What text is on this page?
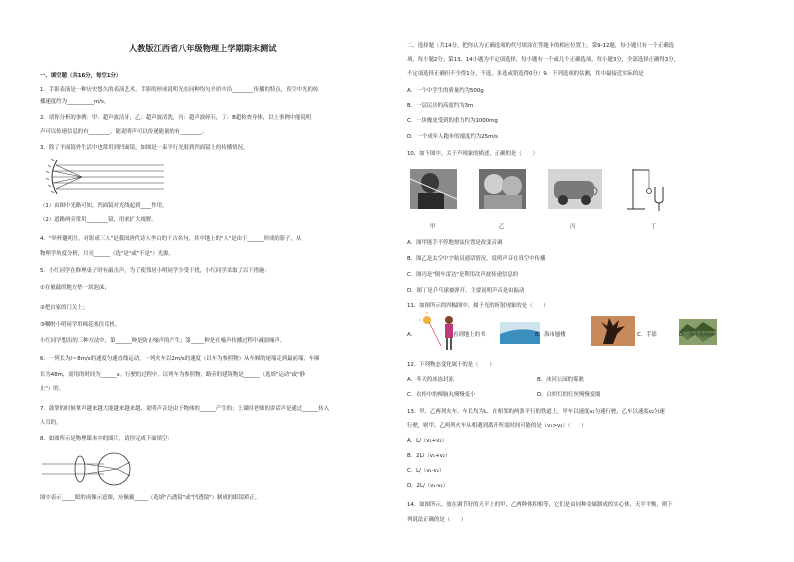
人教版江西省八年级物理上学期期末测试
一、填空题（共16分，每空1分）
1．手影表演是一种历史悠久的表演艺术，手影的形成说明光在同种均匀介质中沿________传播的特点，真空中光的传
播速度约为__________m/s。
2．请你分析的事例：甲：超声波洁牙，乙：超声波清洗，丙：超声波碎石，丁：B超检查身体，以上事例中能说明
声可以传递信息的有________，能说明声可以传递能量的有________。
3．除了平面镜外生活中也常用到凹面镜，如图是一束平行光射到凹面镜上的传播情况。
（1）由图中光路可知，凹面镜对光线起到____作用。
（2）道路两旁常用________镜，用来扩大视野。
4．"举杯邀明月，对影成三人"是我国唐代诗人李白的千古名句，其中地上的"人"是由于______形成的影子，从
物理学角度分析，月亮______（选"是"或"不是"）光源。
5．小红同学在修理桌子时有敲击声，为了使邻居小明同学少受干扰，小红同学采取了以下措施：
①在被敲的地方垫一块泡沫；
②把自家的门关上；
③嘱咐小明同学用棉花塞住耳机。
小红同学想出的三种方法中，第______种是防止噪声的产生；第_____种是在噪声传播过程中减弱噪声。
6．一列长为l＝8m/s的速度匀速直线运动，一列火车以2m/s的速度（以车为参照物）从车厢的尾端走到最前端，车厢
长为48m，需用的时间为______s。行驶的过程中，以列车为参照物，路旁的建筑物是______（选填"运动"或"静
止"）的。
7．鼓掌的时候掌声越来越大能越来越来越，说明声音是由于物体的______产生的；上课时老师的讲话声是通过______传入
人耳的。
8．如图所示是物理课本中的图片，请你完成下面填空：
图中表示_____眼的成像示意图，应佩戴_____（选填"凸透镜"或"凹透镜"）制成的眼镜矫正。
二、选择题（共14分，把你认为正确选项的代号填涂在答题卡的相应位置上。第9-12题，每小题只有一个正确选
项，每小题2分；第13、14小题为不定项选择，每小题有一个或几个正确选项，每小题3分，全部选择正确得3分，
不定项选择正确但不全得1分，不选、多选或错选得0分）9．下列选项的估测，其中最接近实际的是
A．一个中学生的质量约为500g
B．一层民房的高度约为3m
C．一块橡皮受到的重力约为1000mg
D．一个成年人跑步的速度约为25m/s
10．如下图中，关于声现象的描述，正确的是（　　）
甲	乙	丙	丁
A．图甲能手不停地按弦位置是改变音调
B．图乙是太空中宇航员通话情况，说明声音在真空中传播
C．图丙是"倒车雷达"是利用次声波传递信息的
D．图丁是乒乓球被弹开，主要说明声音是由振动
11．如图所示的四幅图中，属于光的折射现象的是（　　）
A．	看到地上的书	B．海市蜃楼	C．手影	D．水中的倒影
12．下列物态变化属于的是（　　）
A．冬天的冰冻封冻	B．冰河公园的雾凇
C．衣柜中的樟脑丸慢慢变小	D．白炽灯的灯丝慢慢变细
13．甲、乙两列火车，车长均为L，在相邻的两条平行的铁道上，甲车以速度v₁匀速行驶，乙车以速度v₂匀速
行驶，则甲、乙两列火车从相遇到离开所需时间可能的是（v₁>v₂）（　　）
A．L/（v₁+v₂）
B．2L/（v₁+v₂）
C．L/（v₁-v₂）
D．2L/（v₁-v₂）
14．如图所示，放在调节好的天平上的甲、乙两种体积相等，它们是由同种金属制成的实心体，天平平衡，则下
列说法正确的是（　　）
